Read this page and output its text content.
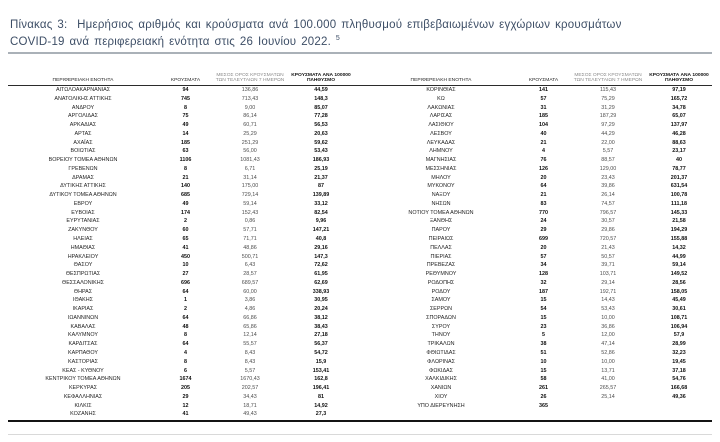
Πίνακας 3: Ημερήσιος αριθμός και κρούσματα ανά 100.000 πληθυσμού επιβεβαιωμένων εγχώριων κρουσμάτων
COVID-19 ανά περιφερειακή ενότητα στις 26 Ιουνίου 2022. $^5$

ΠΕΡΙΦΕΡΕΙΑΚΗ ΕΝΟΤΗΤΑ	ΚΡΟΥΣΜΑΤΑ
ΜΕΣΟΣ ΟΡΟΣ ΚΡΟΥΣΜΑΤΩΝ
ΤΩΝ ΤΕΛΕΥΤΑΙΩΝ 7 ΗΜΕΡΩΝ
ΚΡΟΥΣΜΑΤΑ ΑΝΑ 100000
ΠΛΗΘΥΣΜΟ
ΑΙΤΩΛΟΑΚΑΡΝΑΝΙΑΣ	94	136,86	44,59
ΑΝΑΤΟΛΙΚΗΣ ΑΤΤΙΚΗΣ	745	713,43	148,3
ΑΝΔΡΟΥ	8	9,00	85,07
ΑΡΓΟΛΙΔΑΣ	75	86,14	77,28
ΑΡΚΑΔΙΑΣ	49	60,71	56,53
ΑΡΤΑΣ	14	25,29	20,63
ΑΧΑΪΑΣ	185	251,29	59,62
ΒΟΙΩΤΙΑΣ	63	56,00	53,43
ΒΟΡΕΙΟΥ ΤΟΜΕΑ ΑΘΗΝΩΝ	1106	1081,43	186,93
ΓΡΕΒΕΝΩΝ	8	6,71	25,19
ΔΡΑΜΑΣ	21	31,14	21,37
ΔΥΤΙΚΗΣ ΑΤΤΙΚΗΣ	140	175,00	87
ΔΥΤΙΚΟΥ ΤΟΜΕΑ ΑΘΗΝΩΝ	685	729,14	139,89
ΕΒΡΟΥ	49	59,14	33,12
ΕΥΒΟΙΑΣ	174	152,43	82,54
ΕΥΡΥΤΑΝΙΑΣ	2	0,86	9,96
ΖΑΚΥΝΘΟΥ	60	57,71	147,21
ΗΛΕΙΑΣ	65	71,71	40,8
ΗΜΑΘΙΑΣ	41	48,86	29,16
ΗΡΑΚΛΕΙΟΥ	450	500,71	147,3
ΘΑΣΟΥ	10	6,43	72,62
ΘΕΣΠΡΩΤΙΑΣ	27	28,57	61,95
ΘΕΣΣΑΛΟΝΙΚΗΣ	696	689,57	62,69
ΘΗΡΑΣ	64	60,00	338,93
ΙΘΑΚΗΣ	1	3,86	30,95
ΙΚΑΡΙΑΣ	2	4,86	20,24
ΙΩΑΝΝΙΝΩΝ	64	66,86	38,12
ΚΑΒΑΛΑΣ	48	65,86	38,43
ΚΑΛΥΜΝΟΥ	8	12,14	27,18
ΚΑΡΔΙΤΣΑΣ	64	55,57	56,37
ΚΑΡΠΑΘΟΥ	4	8,43	54,72
ΚΑΣΤΟΡΙΑΣ	8	8,43	15,9
ΚΕΑΣ - ΚΥΘΝΟΥ	6	5,57	153,41
ΚΕΝΤΡΙΚΟΥ ΤΟΜΕΑ ΑΘΗΝΩΝ	1674	1670,43	162,8
ΚΕΡΚΥΡΑΣ	205	202,57	196,41
ΚΕΦΑΛΛΗΝΙΑΣ	29	34,43	81
ΚΙΛΚΙΣ	12	18,71	14,92
ΚΟΖΑΝΗΣ	41	49,43	27,3
ΠΕΡΙΦΕΡΕΙΑΚΗ ΕΝΟΤΗΤΑ	ΚΡΟΥΣΜΑΤΑ
ΜΕΣΟΣ ΟΡΟΣ ΚΡΟΥΣΜΑΤΩΝ
ΤΩΝ ΤΕΛΕΥΤΑΙΩΝ 7 ΗΜΕΡΩΝ
ΚΡΟΥΣΜΑΤΑ ΑΝΑ 100000
ΠΛΗΘΥΣΜΟ
ΚΟΡΙΝΘΙΑΣ	141	115,43	97,19
ΚΩ	57	75,29	165,72
ΛΑΚΩΝΙΑΣ	31	31,29	34,78
ΛΑΡΙΣΑΣ	185	187,29	65,07
ΛΑΣΙΘΙΟΥ	104	97,29	137,97
ΛΕΣΒΟΥ	40	44,29	46,28
ΛΕΥΚΑΔΑΣ	21	22,00	88,63
ΛΗΜΝΟΥ	4	5,57	23,17
ΜΑΓΝΗΣΙΑΣ	76	88,57	40
ΜΕΣΣΗΝΙΑΣ	126	129,00	78,77
ΜΗΛΟΥ	20	23,43	201,37
ΜΥΚΟΝΟΥ	64	39,86	631,54
ΝΑΞΟΥ	21	26,14	100,78
ΝΗΣΩΝ	83	74,57	111,18
ΝΟΤΙΟΥ ΤΟΜΕΑ ΑΘΗΝΩΝ	770	796,57	145,33
ΞΑΝΘΗΣ	24	30,57	21,58
ΠΑΡΟΥ	29	29,86	194,29
ΠΕΙΡΑΙΩΣ	699	720,57	155,88
ΠΕΛΛΑΣ	20	21,43	14,32
ΠΙΕΡΙΑΣ	57	50,57	44,99
ΠΡΕΒΕΖΑΣ	34	39,71	59,14
ΡΕΘΥΜΝΟΥ	128	103,71	149,52
ΡΟΔΟΠΗΣ	32	29,14	28,56
ΡΟΔΟΥ	187	192,71	158,05
ΣΑΜΟΥ	15	14,43	45,49
ΣΕΡΡΩΝ	54	53,43	30,61
ΣΠΟΡΑΔΩΝ	15	10,00	108,71
ΣΥΡΟΥ	23	36,86	106,94
ΤΗΝΟΥ	5	12,00	57,9
ΤΡΙΚΑΛΩΝ	38	47,14	28,99
ΦΘΙΩΤΙΔΑΣ	51	52,86	32,23
ΦΛΩΡΙΝΑΣ	10	10,00	19,45
ΦΩΚΙΔΑΣ	15	13,71	37,18
ΧΑΛΚΙΔΙΚΗΣ	58	41,00	54,76
ΧΑΝΙΩΝ	261	265,57	166,68
ΧΙΟΥ	26	25,14	49,36
ΥΠΟ ΔΙΕΡΕΥΝΗΣΗ	365
